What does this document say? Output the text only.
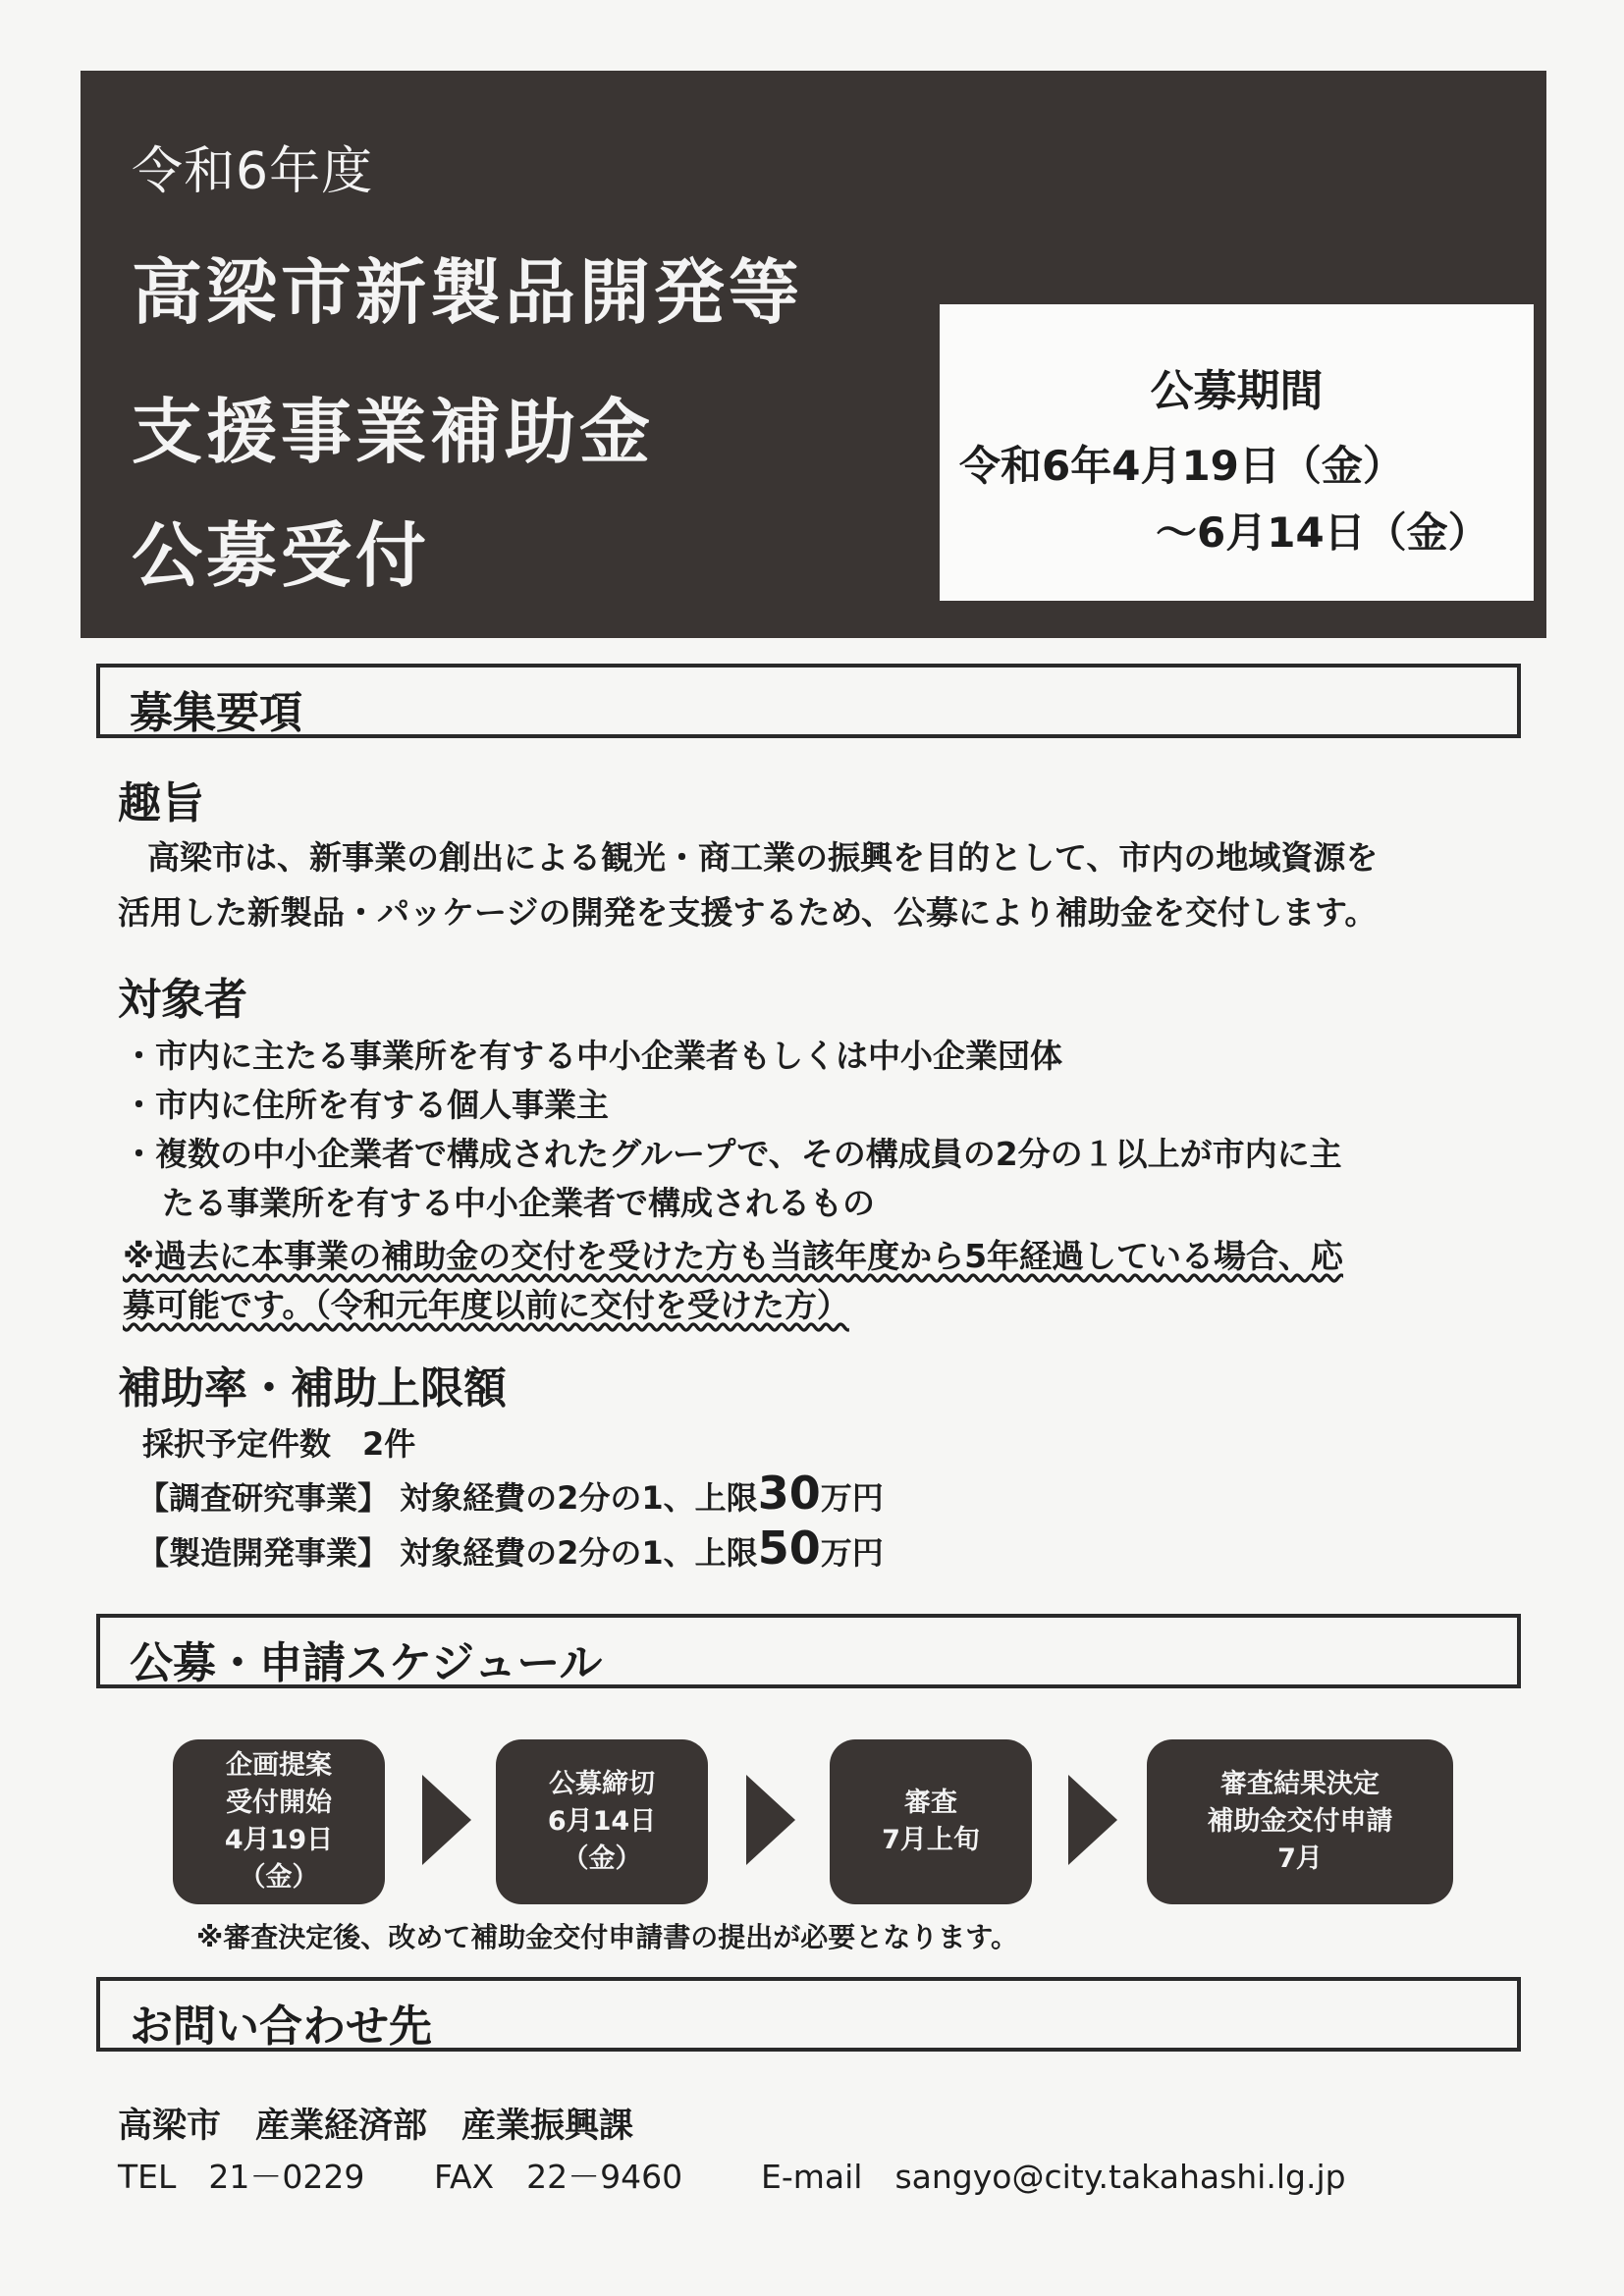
令和6年度
高梁市新製品開発等
支援事業補助金
公募受付
公募期間
令和6年4月19日（金）
～6月14日（金）
募集要項
趣旨
高梁市は、新事業の創出による観光・商工業の振興を目的として、市内の地域資源を
活用した新製品・パッケージの開発を支援するため、公募により補助金を交付します。
対象者
・市内に主たる事業所を有する中小企業者もしくは中小企業団体
・市内に住所を有する個人事業主
・複数の中小企業者で構成されたグループで、その構成員の2分の１以上が市内に主
たる事業所を有する中小企業者で構成されるもの
※過去に本事業の補助金の交付を受けた方も当該年度から5年経過している場合、応
募可能です。（令和元年度以前に交付を受けた方）
補助率・補助上限額
採択予定件数　2件
【調査研究事業】 対象経費の2分の1、上限30万円
【製造開発事業】 対象経費の2分の1、上限50万円
公募・申請スケジュール
企画提案
受付開始
4月19日
（金）
公募締切
6月14日
（金）
審査
7月上旬
審査結果決定
補助金交付申請
7月
※審査決定後、改めて補助金交付申請書の提出が必要となります。
お問い合わせ先
高梁市　産業経済部　産業振興課
TEL　21－0229 FAX　22－9460 E-mail　sangyo@city.takahashi.lg.jp
